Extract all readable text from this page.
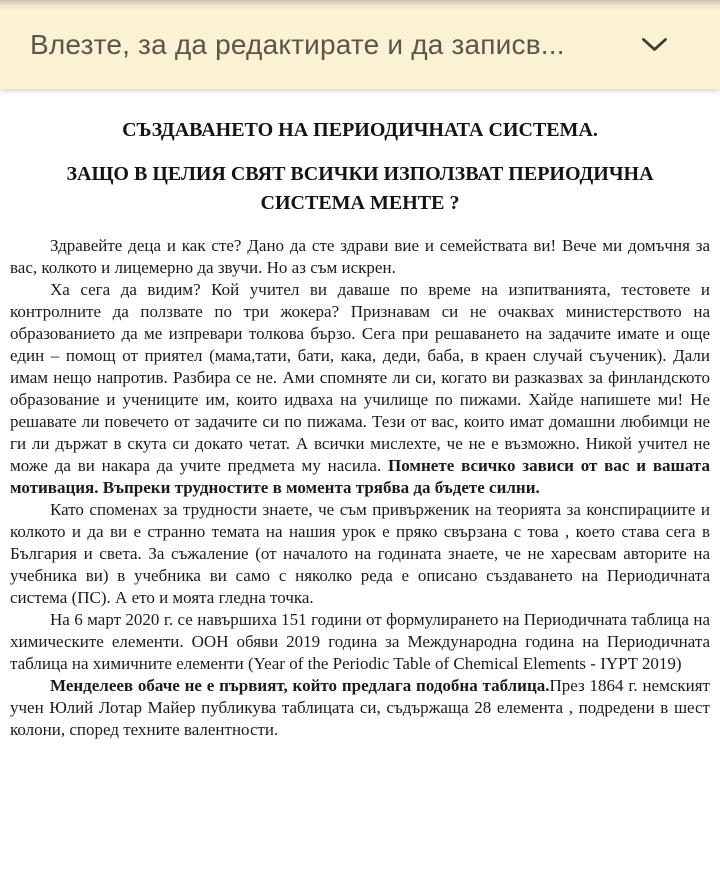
Влезте, за да редактирате и да записв...
СЪЗДАВАНЕТО НА ПЕРИОДИЧНАТА СИСТЕМА.
ЗАЩО В ЦЕЛИЯ СВЯТ ВСИЧКИ ИЗПОЛЗВАТ ПЕРИОДИЧНА СИСТЕМА МЕНТЕ ?

Здравейте деца и как сте? Дано да сте здрави вие и семействата ви! Вече ми домъчня за вас, колкото и лицемерно да звучи. Но аз съм искрен.

Ха сега да видим? Кой учител ви даваше по време на изпитванията, тестовете и контролните да ползвате по три жокера? Признавам си не очаквах министерството на образованието да ме изпревари толкова бързо. Сега при решаването на задачите имате и още един – помощ от приятел (мама,тати, бати, кака, деди, баба, в краен случай съученик). Дали имам нещо напротив. Разбира се не. Ами спомняте ли си, когато ви разказвах за финландското образование и учениците им, които идваха на училище по пижами. Хайде напишете ми! Не решавате ли повечето от задачите си по пижама. Тези от вас, които имат домашни любимци не ги ли държат в скута си докато четат. А всички мислехте, че не е възможно. Никой учител не може да ви накара да учите предмета му насила. Помнете всичко зависи от вас и вашата мотивация. Въпреки трудностите в момента трябва да бъдете силни.

Като споменах за трудности знаете, че съм привърженик на теорията за конспирациите и колкото и да ви е странно темата на нашия урок е пряко свързана с това , което става сега в България и света. За съжаление (от началото на годината знаете, че не харесвам авторите на учебника ви) в учебника ви само с няколко реда е описано създаването на Периодичната система (ПС). А ето и моята гледна точка.

На 6 март 2020 г. се навършиха 151 години от формулирането на Периодичната таблица на химическите елементи. ООН обяви 2019 година за Международна година на Периодичната таблица на химичните елементи (Year of the Periodic Table of Chemical Elements - IYPT 2019)

Менделеев обаче не е първият, който предлага подобна таблица.През 1864 г. немският учен Юлий Лотар Майер публикува таблицата си, съдържаща 28 елемента , подредени в шест колони, според техните валентности.
